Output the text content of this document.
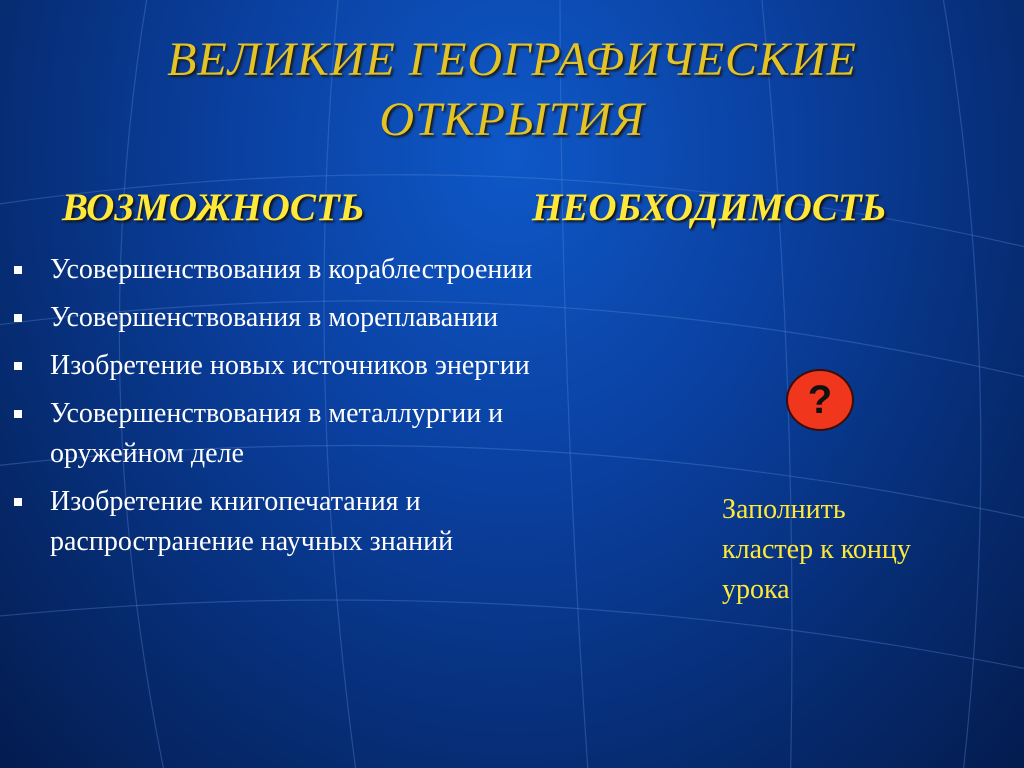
ВЕЛИКИЕ ГЕОГРАФИЧЕСКИЕ
ОТКРЫТИЯ
ВОЗМОЖНОСТЬ	НЕОБХОДИМОСТЬ
Усовершенствования в кораблестроении
Усовершенствования в мореплавании
Изобретение новых источников энергии
Усовершенствования в металлургии и оружейном деле
Изобретение книгопечатания и распространение научных знаний
?
Заполнить кластер к концу урока
